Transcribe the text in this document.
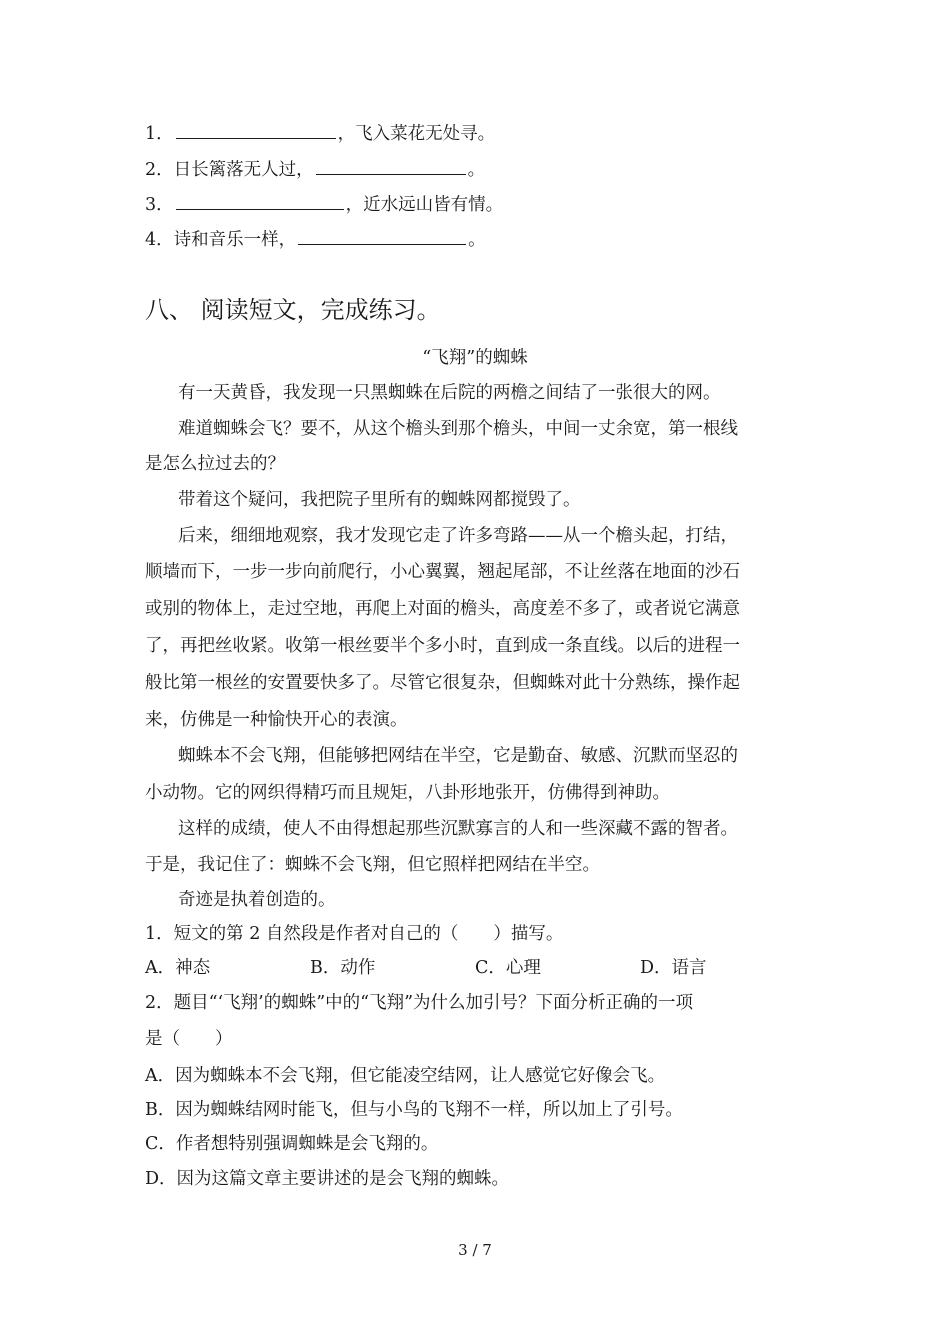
1．	，飞入菜花无处寻。
2．日长篱落无人过，	。
3．	，近水远山皆有情。
4．诗和音乐一样，	。
八、 阅读短文，完成练习。
“飞翔”的蜘蛛
有一天黄昏，我发现一只黑蜘蛛在后院的两檐之间结了一张很大的网。
难道蜘蛛会飞？要不，从这个檐头到那个檐头，中间一丈余宽，第一根线
是怎么拉过去的？
带着这个疑问，我把院子里所有的蜘蛛网都搅毁了。
后来，细细地观察，我才发现它走了许多弯路——从一个檐头起，打结，
顺墙而下，一步一步向前爬行，小心翼翼，翘起尾部，不让丝落在地面的沙石
或别的物体上，走过空地，再爬上对面的檐头，高度差不多了，或者说它满意
了，再把丝收紧。收第一根丝要半个多小时，直到成一条直线。以后的进程一
般比第一根丝的安置要快多了。尽管它很复杂，但蜘蛛对此十分熟练，操作起
来，仿佛是一种愉快开心的表演。
蜘蛛本不会飞翔，但能够把网结在半空，它是勤奋、敏感、沉默而坚忍的
小动物。它的网织得精巧而且规矩，八卦形地张开，仿佛得到神助。
这样的成绩，使人不由得想起那些沉默寡言的人和一些深藏不露的智者。
于是，我记住了：蜘蛛不会飞翔，但它照样把网结在半空。
奇迹是执着创造的。
1．短文的第 2 自然段是作者对自己的（　　）描写。
A．神态	B．动作	C．心理	D．语言
2．题目“‘飞翔’的蜘蛛”中的“飞翔”为什么加引号？下面分析正确的一项
是（　　）
A．因为蜘蛛本不会飞翔，但它能凌空结网，让人感觉它好像会飞。
B．因为蜘蛛结网时能飞，但与小鸟的飞翔不一样，所以加上了引号。
C．作者想特别强调蜘蛛是会飞翔的。
D．因为这篇文章主要讲述的是会飞翔的蜘蛛。
3 / 7
